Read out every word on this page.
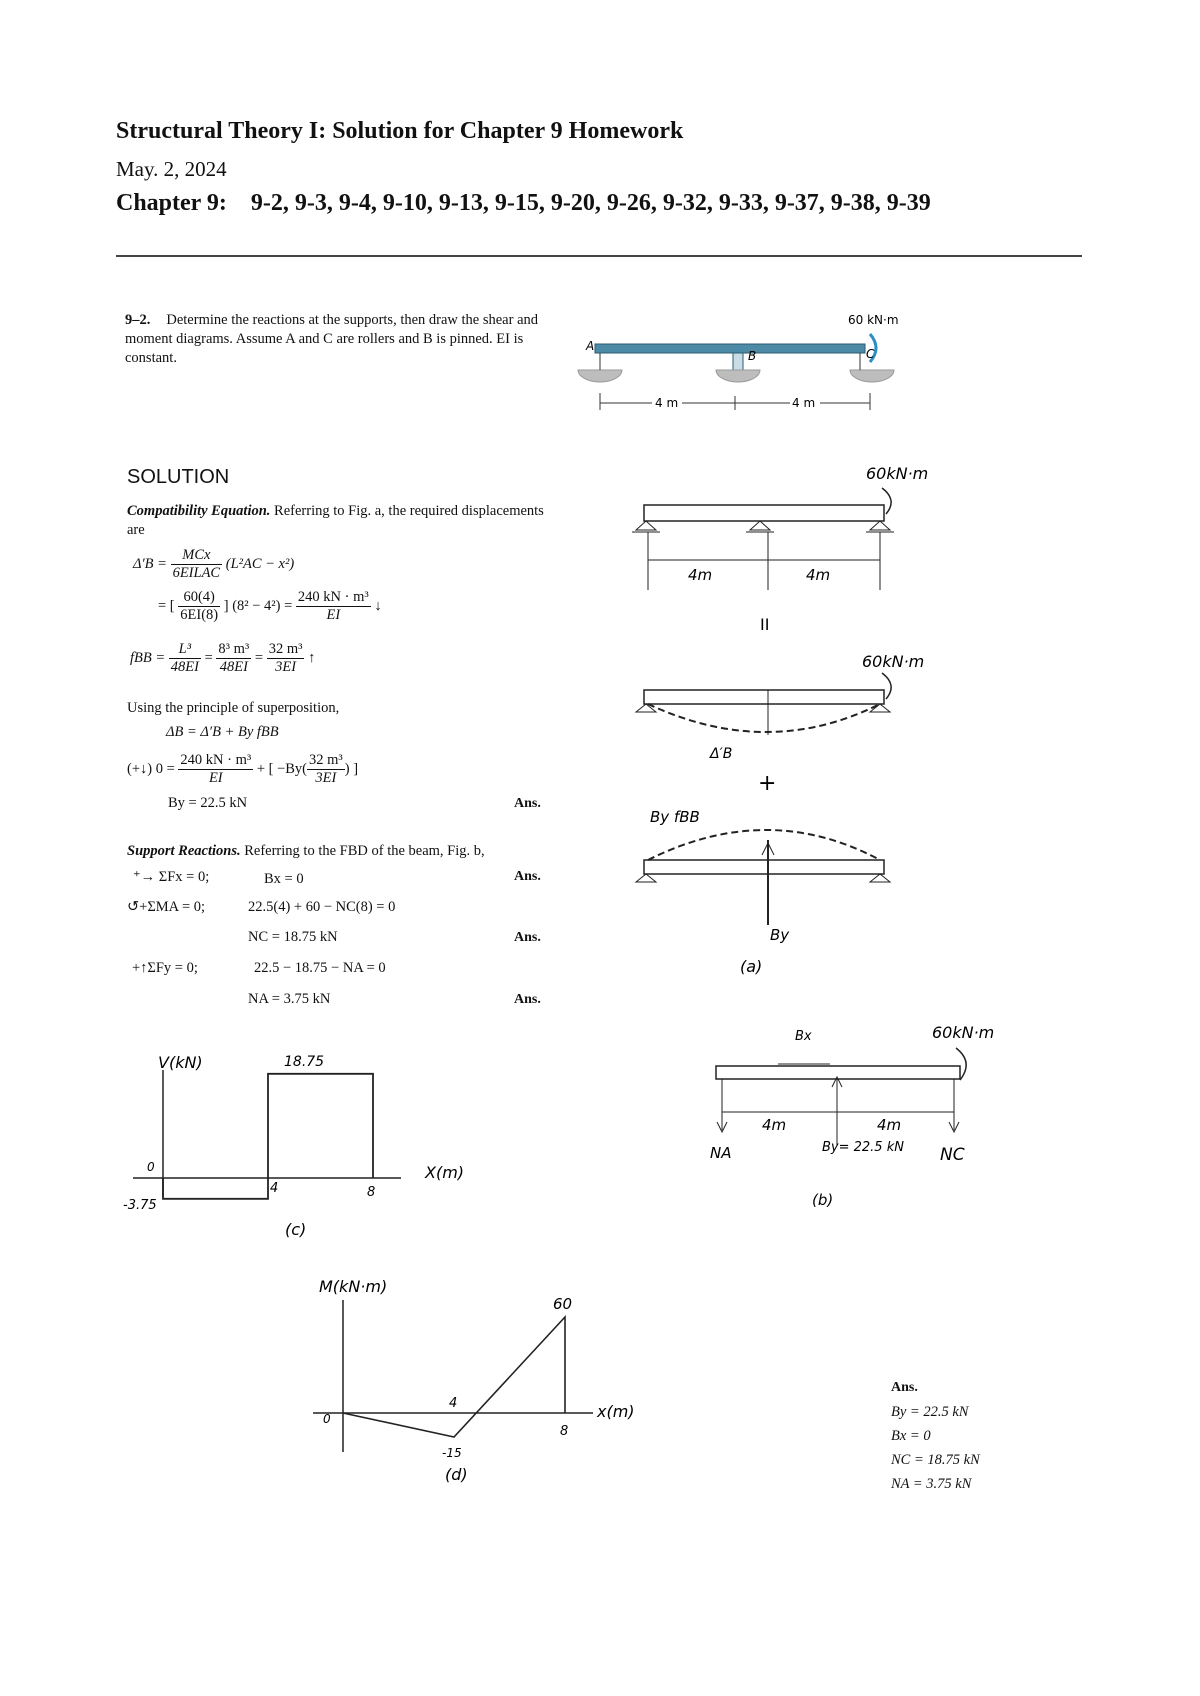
Structural Theory I: Solution for Chapter 9 Homework
May. 2, 2024
Chapter 9: 9-2, 9-3, 9-4, 9-10, 9-13, 9-15, 9-20, 9-26, 9-32, 9-33, 9-37, 9-38, 9-39
9–2. Determine the reactions at the supports, then draw the shear and moment diagrams. Assume A and C are rollers and B is pinned. EI is constant.
60 kN·m
A
B	C
4 m	4 m
SOLUTION
Compatibility Equation. Referring to Fig. a, the required displacements are
$\Delta'B = \frac{\text{MCx}}{\text{6EILAC}} (L^2AC - x^2)$
= [ $\frac{60(4)}{6EI(8)}$ ] $(8^2 - 4^2) = \frac{\text{240 kN · m³}}{EI}$ ↓
fBB = $\frac{\text{L³}}{48EI} = \frac{\text{8³ m³}}{48EI} = \frac{\text{32 m³}}{3EI}$ ↑
Using the principle of superposition,
ΔB = Δ′B + By fBB
(+↓) $0 = \frac{\text{240 kN · m³}}{EI}$ + [ $-By( \frac{\text{32 m³}}{3EI}$ ) ]
By = 22.5 kN	Ans.
Support Reactions. Referring to the FBD of the beam, Fig. b,
⁺→ ΣFx = 0;	Bx = 0	Ans.
↺+ΣMA = 0;	22.5(4) + 60 − NC(8) = 0
NC = 18.75 kN	Ans.
+↑ΣFy = 0;	22.5 − 18.75 − NA = 0
NA = 3.75 kN	Ans.
60kN·m
4m	4m
II
60kN·m
Δ′B
+
By fBB
By
(a)
Bx	60kN·m
4m	4m
NA	By= 22.5 kN NC
(b)
V(kN)
X(m)
18.75
0
-3.75
4	8
(c)
M(kN·m)
x(m)
60
4
0
-15
8
(d)
Ans.
By = 22.5 kN
Bx = 0
NC = 18.75 kN
NA = 3.75 kN
